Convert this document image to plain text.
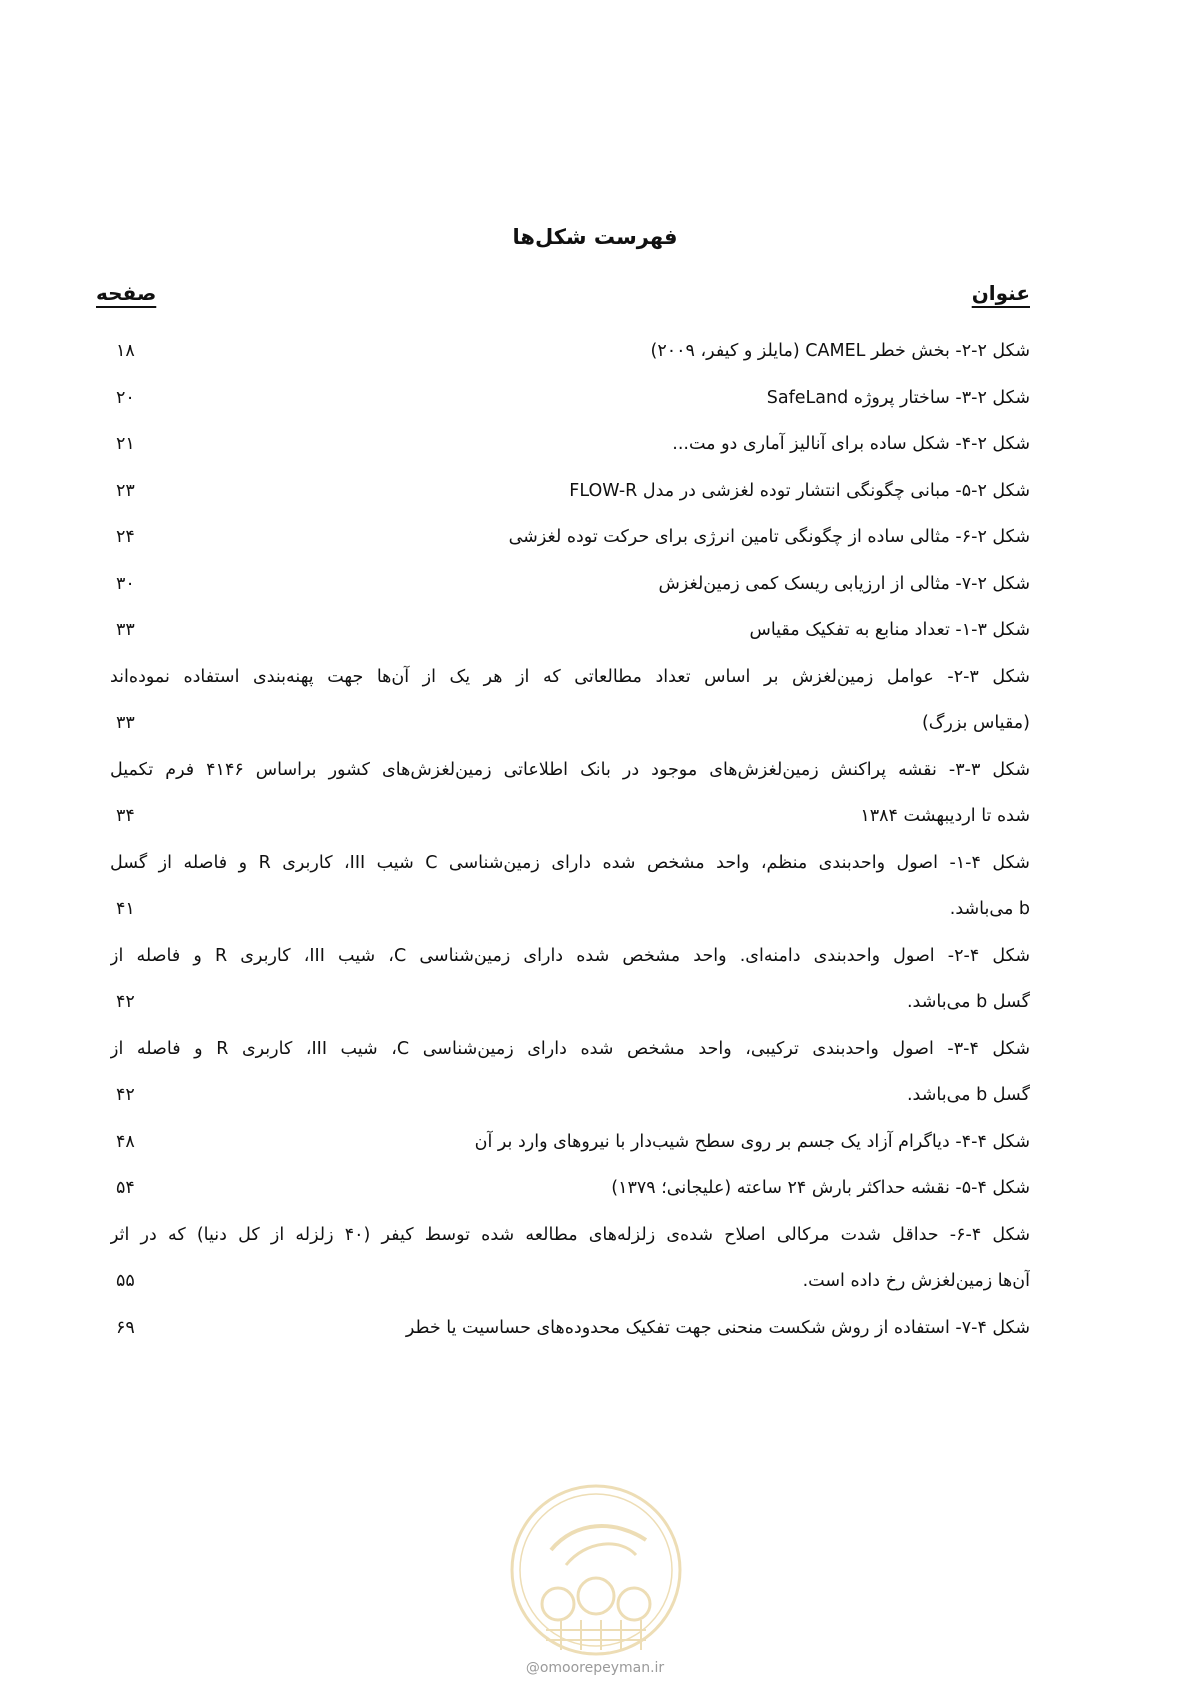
فهرست شکل‌ها
عنوان
صفحه
شکل ۲-۲- بخش خطر CAMEL (مایلز و کیفر، ۲۰۰۹)
۱۸
شکل ۲-۳- ساختار پروژه SafeLand
۲۰
شکل ۲-۴- شکل ساده برای آنالیز آماری دو مت...
۲۱
شکل ۲-۵- مبانی چگونگی انتشار توده لغزشی در مدل FLOW-R
۲۳
شکل ۲-۶- مثالی ساده از چگونگی تامین انرژی برای حرکت توده لغزشی
۲۴
شکل ۲-۷- مثالی از ارزیابی ریسک کمی زمین‌لغزش
۳۰
شکل ۳-۱- تعداد منابع به تفکیک مقیاس
۳۳
شکل ۳-۲- عوامل زمین‌لغزش بر اساس تعداد مطالعاتی که از هر یک از آن‌ها جهت پهنه‌بندی استفاده نموده‌اند
(مقیاس بزرگ)
۳۳
شکل ۳-۳- نقشه پراکنش زمین‌لغزش‌های موجود در بانک اطلاعاتی زمین‌لغزش‌های کشور براساس ۴۱۴۶ فرم تکمیل
شده تا اردیبهشت ۱۳۸۴
۳۴
شکل ۴-۱- اصول واحدبندی منظم، واحد مشخص شده دارای زمین‌شناسی C شیب III، کاربری R و فاصله از گسل
b می‌باشد.
۴۱
شکل ۴-۲- اصول واحدبندی دامنه‌ای. واحد مشخص شده دارای زمین‌شناسی C، شیب III، کاربری R و فاصله از
گسل b می‌باشد.
۴۲
شکل ۴-۳- اصول واحدبندی ترکیبی، واحد مشخص شده دارای زمین‌شناسی C، شیب III، کاربری R و فاصله از
گسل b می‌باشد.
۴۲
شکل ۴-۴- دیاگرام آزاد یک جسم بر روی سطح شیب‌دار با نیروهای وارد بر آن
۴۸
شکل ۴-۵- نقشه حداکثر بارش ۲۴ ساعته (علیجانی؛ ۱۳۷۹)
۵۴
شکل ۴-۶- حداقل شدت مرکالی اصلاح شده‌ی زلزله‌های مطالعه شده توسط کیفر (۴۰ زلزله از کل دنیا) که در اثر
آن‌ها زمین‌لغزش رخ داده است.
۵۵
شکل ۴-۷- استفاده از روش شکست منحنی جهت تفکیک محدوده‌های حساسیت یا خطر
۶۹
@omoorepeyman.ir
